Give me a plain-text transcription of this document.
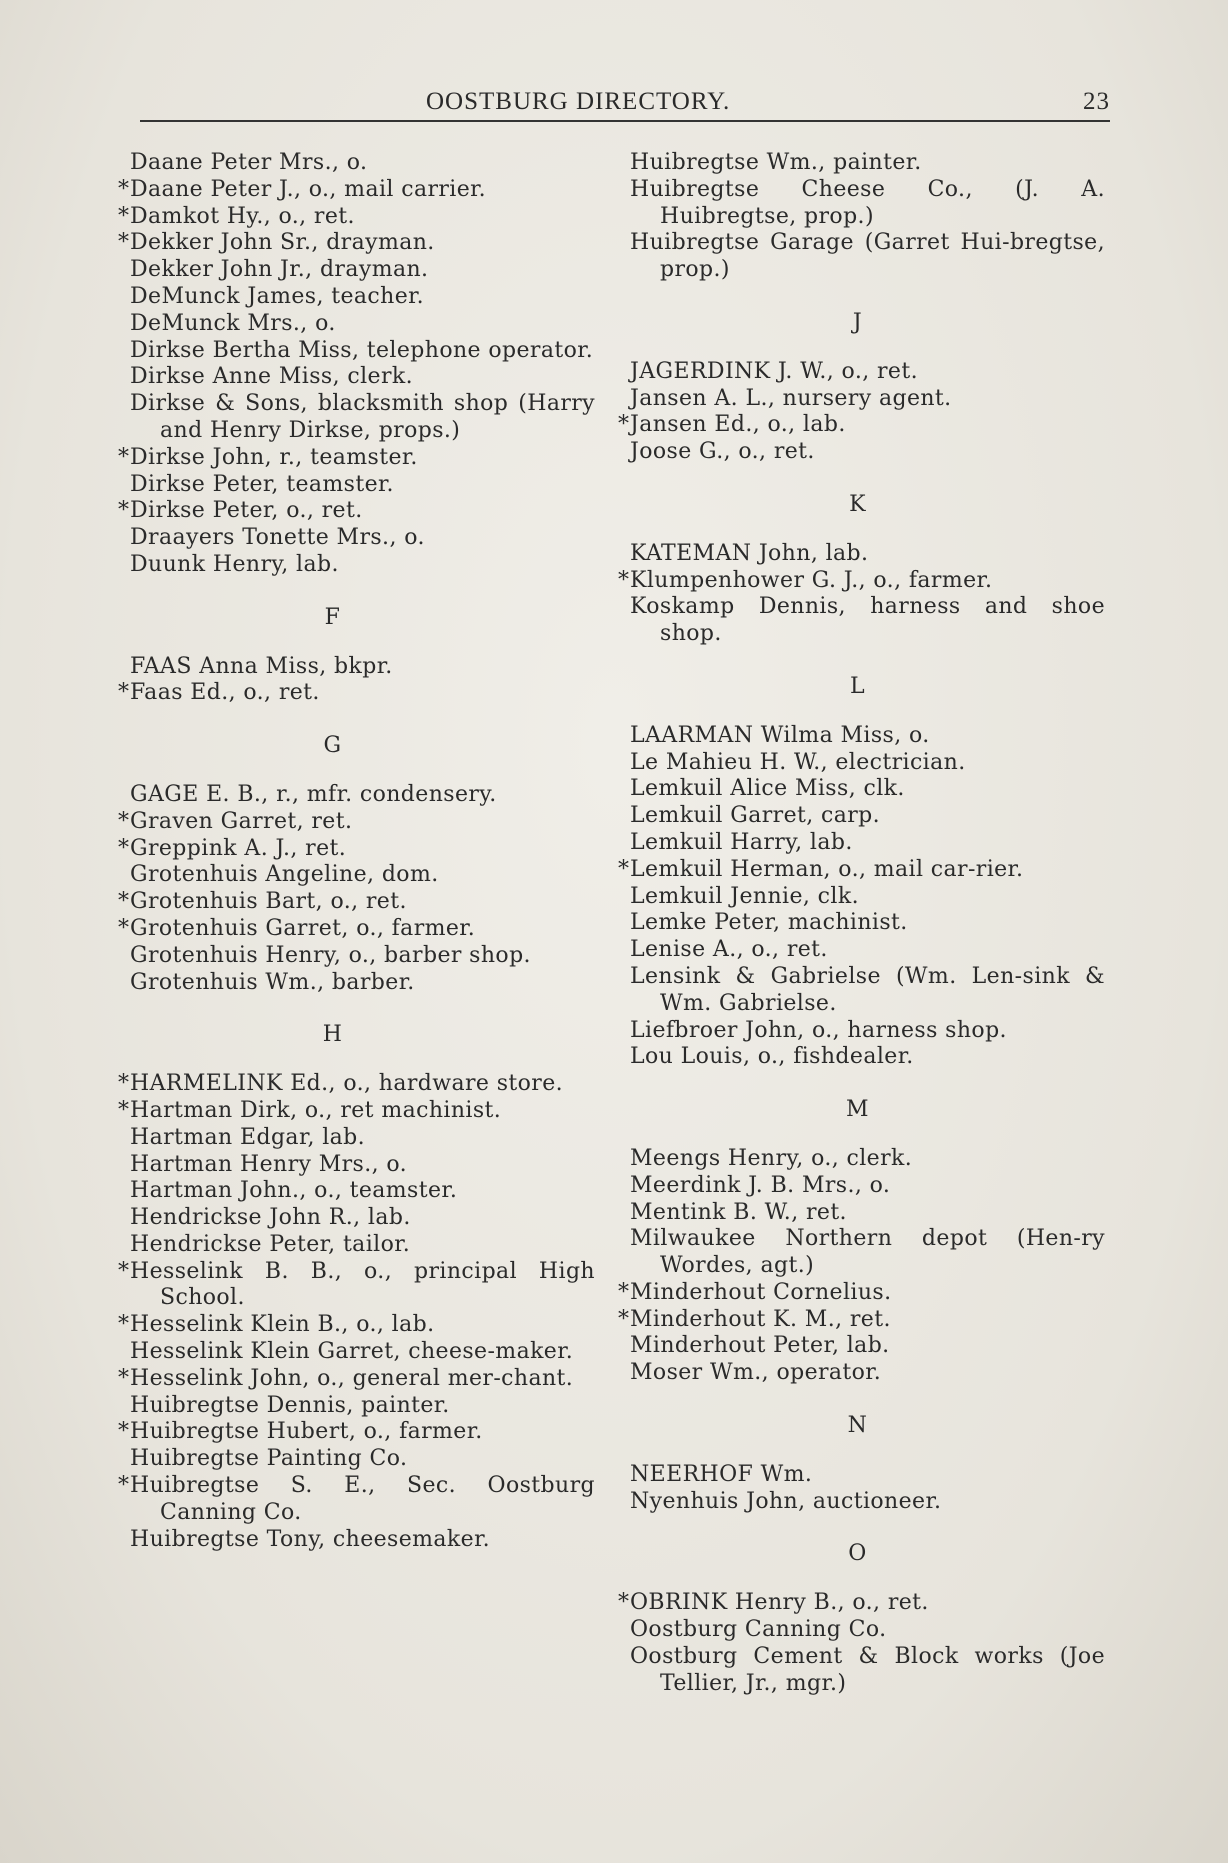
OOSTBURG DIRECTORY.	23
Daane Peter Mrs., o.
*Daane Peter J., o., mail carrier.
*Damkot Hy., o., ret.
*Dekker John Sr., drayman.
Dekker John Jr., drayman.
DeMunck James, teacher.
DeMunck Mrs., o.
Dirkse Bertha Miss, telephone operator.
Dirkse Anne Miss, clerk.
Dirkse & Sons, blacksmith shop (Harry and Henry Dirkse, props.)
*Dirkse John, r., teamster.
Dirkse Peter, teamster.
*Dirkse Peter, o., ret.
Draayers Tonette Mrs., o.
Duunk Henry, lab.
F
FAAS Anna Miss, bkpr.
*Faas Ed., o., ret.
G
GAGE E. B., r., mfr. condensery.
*Graven Garret, ret.
*Greppink A. J., ret.
Grotenhuis Angeline, dom.
*Grotenhuis Bart, o., ret.
*Grotenhuis Garret, o., farmer.
Grotenhuis Henry, o., barber shop.
Grotenhuis Wm., barber.
H
*HARMELINK Ed., o., hardware store.
*Hartman Dirk, o., ret machinist.
Hartman Edgar, lab.
Hartman Henry Mrs., o.
Hartman John., o., teamster.
Hendrickse John R., lab.
Hendrickse Peter, tailor.
*Hesselink B. B., o., principal High School.
*Hesselink Klein B., o., lab.
Hesselink Klein Garret, cheese-maker.
*Hesselink John, o., general mer-chant.
Huibregtse Dennis, painter.
*Huibregtse Hubert, o., farmer.
Huibregtse Painting Co.
*Huibregtse S. E., Sec. Oostburg Canning Co.
Huibregtse Tony, cheesemaker.
Huibregtse Wm., painter.
Huibregtse Cheese Co., (J. A. Huibregtse, prop.)
Huibregtse Garage (Garret Hui-bregtse, prop.)
J
JAGERDINK J. W., o., ret.
Jansen A. L., nursery agent.
*Jansen Ed., o., lab.
Joose G., o., ret.
K
KATEMAN John, lab.
*Klumpenhower G. J., o., farmer.
Koskamp Dennis, harness and shoe shop.
L
LAARMAN Wilma Miss, o.
Le Mahieu H. W., electrician.
Lemkuil Alice Miss, clk.
Lemkuil Garret, carp.
Lemkuil Harry, lab.
*Lemkuil Herman, o., mail car-rier.
Lemkuil Jennie, clk.
Lemke Peter, machinist.
Lenise A., o., ret.
Lensink & Gabrielse (Wm. Len-sink & Wm. Gabrielse.
Liefbroer John, o., harness shop.
Lou Louis, o., fishdealer.
M
Meengs Henry, o., clerk.
Meerdink J. B. Mrs., o.
Mentink B. W., ret.
Milwaukee Northern depot (Hen-ry Wordes, agt.)
*Minderhout Cornelius.
*Minderhout K. M., ret.
Minderhout Peter, lab.
Moser Wm., operator.
N
NEERHOF Wm.
Nyenhuis John, auctioneer.
O
*OBRINK Henry B., o., ret.
Oostburg Canning Co.
Oostburg Cement & Block works (Joe Tellier, Jr., mgr.)
